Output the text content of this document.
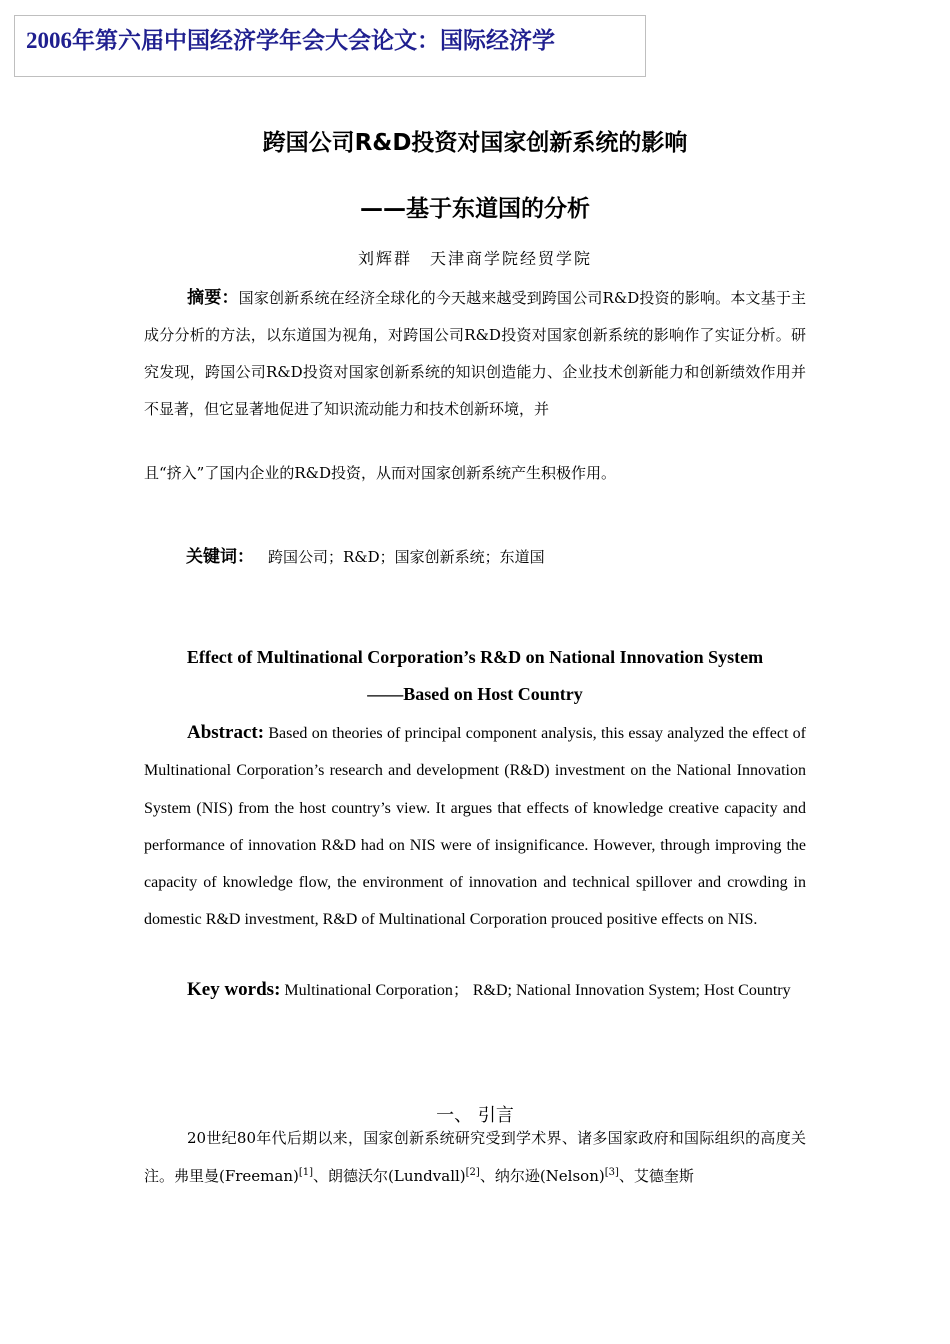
2006年第六届中国经济学年会大会论文：国际经济学
跨国公司R&D投资对国家创新系统的影响
——基于东道国的分析
刘辉群　天津商学院经贸学院
摘要：国家创新系统在经济全球化的今天越来越受到跨国公司R&D投资的影响。本文基于主成分分析的方法，以东道国为视角，对跨国公司R&D投资对国家创新系统的影响作了实证分析。研究发现，跨国公司R&D投资对国家创新系统的知识创造能力、企业技术创新能力和创新绩效作用并不显著，但它显著地促进了知识流动能力和技术创新环境，并
且“挤入”了国内企业的R&D投资，从而对国家创新系统产生积极作用。
关键词： 跨国公司；R&D；国家创新系统；东道国
Effect of Multinational Corporation’s R&D on National Innovation System
——Based on Host Country
Abstract: Based on theories of principal component analysis, this essay analyzed the effect of Multinational Corporation’s research and development (R&D) investment on the National Innovation System (NIS) from the host country’s view. It argues that effects of knowledge creative capacity and performance of innovation R&D had on NIS were of insignificance. However, through improving the capacity of knowledge flow, the environment of innovation and technical spillover and crowding in domestic R&D investment, R&D of Multinational Corporation prouced positive effects on NIS.
Key words: Multinational Corporation； R&D; National Innovation System; Host Country
一、 引言
20世纪80年代后期以来，国家创新系统研究受到学术界、诸多国家政府和国际组织的高度关注。弗里曼(Freeman)[1]、朗德沃尔(Lundvall)[2]、纳尔逊(Nelson)[3]、艾德奎斯
